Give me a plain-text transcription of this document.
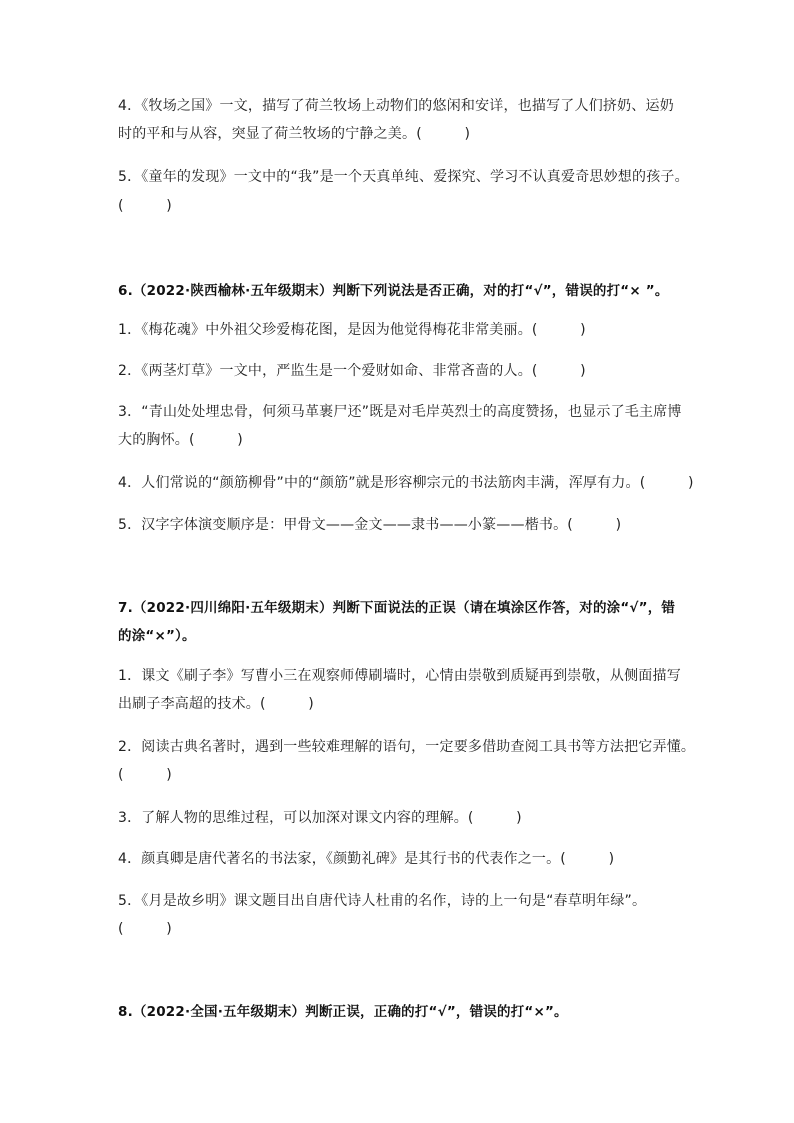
4．《牧场之国》一文，描写了荷兰牧场上动物们的悠闲和安详，也描写了人们挤奶、运奶
时的平和与从容，突显了荷兰牧场的宁静之美。(　　　)
5．《童年的发现》一文中的“我”是一个天真单纯、爱探究、学习不认真爱奇思妙想的孩子。
(　　　)
6.（2022·陕西榆林·五年级期末）判断下列说法是否正确，对的打“√”，错误的打“× ”。
1．《梅花魂》中外祖父珍爱梅花图，是因为他觉得梅花非常美丽。(　　　)
2．《两茎灯草》一文中，严监生是一个爱财如命、非常吝啬的人。(　　　)
3．“青山处处埋忠骨，何须马革裹尸还”既是对毛岸英烈士的高度赞扬，也显示了毛主席博
大的胸怀。(　　　)
4．人们常说的“颜筋柳骨”中的“颜筋”就是形容柳宗元的书法筋肉丰满，浑厚有力。(　　　)
5．汉字字体演变顺序是：甲骨文——金文——隶书——小篆——楷书。(　　　)
7.（2022·四川绵阳·五年级期末）判断下面说法的正误（请在填涂区作答，对的涂“√”，错
的涂“×”）。
1．课文《刷子李》写曹小三在观察师傅刷墙时，心情由崇敬到质疑再到崇敬，从侧面描写
出刷子李高超的技术。(　　　)
2．阅读古典名著时，遇到一些较难理解的语句，一定要多借助查阅工具书等方法把它弄懂。
(　　　)
3．了解人物的思维过程，可以加深对课文内容的理解。(　　　)
4．颜真卿是唐代著名的书法家，《颜勤礼碑》是其行书的代表作之一。(　　　)
5．《月是故乡明》课文题目出自唐代诗人杜甫的名作，诗的上一句是“春草明年绿”。
(　　　)
8.（2022·全国·五年级期末）判断正误，正确的打“√”，错误的打“×”。
